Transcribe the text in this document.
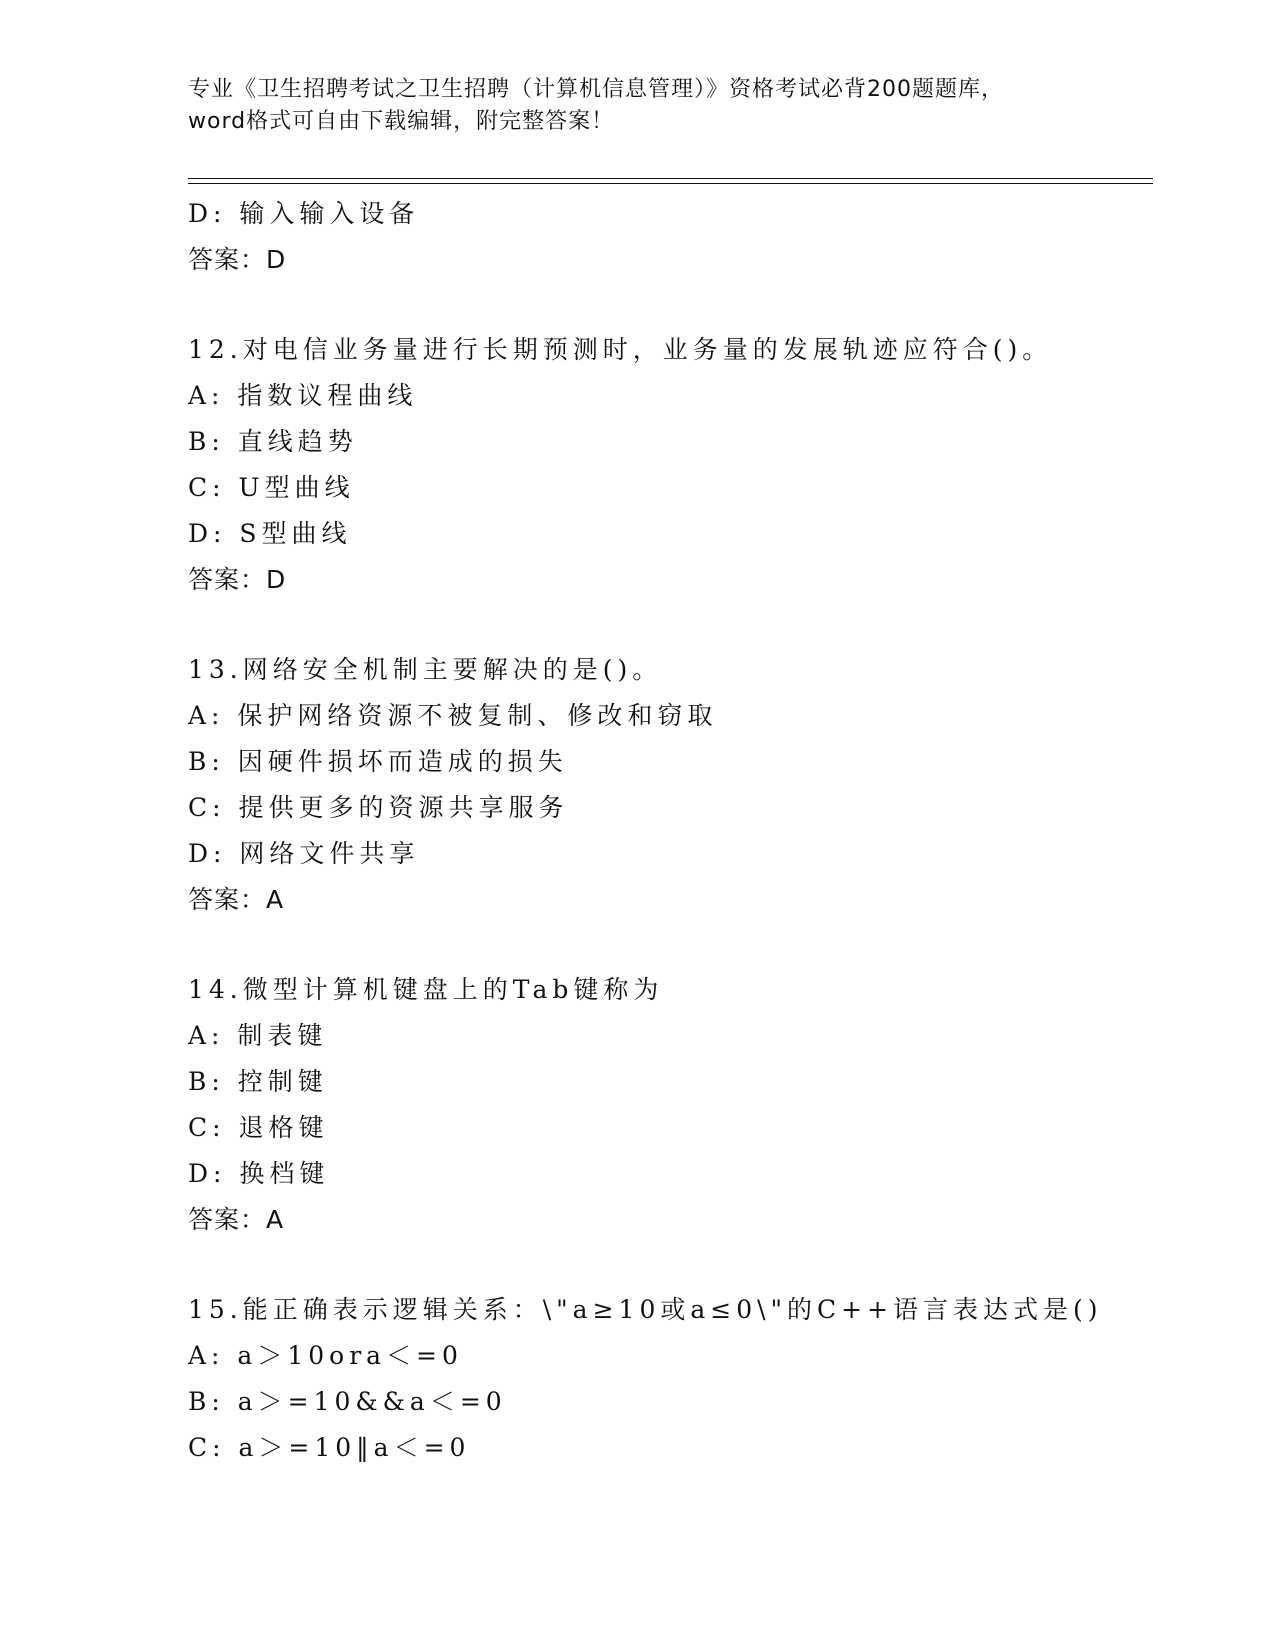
专业《卫生招聘考试之卫生招聘（计算机信息管理）》资格考试必背200题题库，
word格式可自由下载编辑，附完整答案！
D: 输入输入设备
答案：D
12.对电信业务量进行长期预测时，业务量的发展轨迹应符合()。
A: 指数议程曲线
B: 直线趋势
C: U型曲线
D: S型曲线
答案：D
13.网络安全机制主要解决的是()。
A: 保护网络资源不被复制、修改和窃取
B: 因硬件损坏而造成的损失
C: 提供更多的资源共享服务
D: 网络文件共享
答案：A
14.微型计算机键盘上的Tab键称为
A: 制表键
B: 控制键
C: 退格键
D: 换档键
答案：A
15.能正确表示逻辑关系：\"a≥10或a≤0\"的C++语言表达式是()
A: a＞10ora＜=0
B: a＞=10&&a＜=0
C: a＞=10‖a＜=0
